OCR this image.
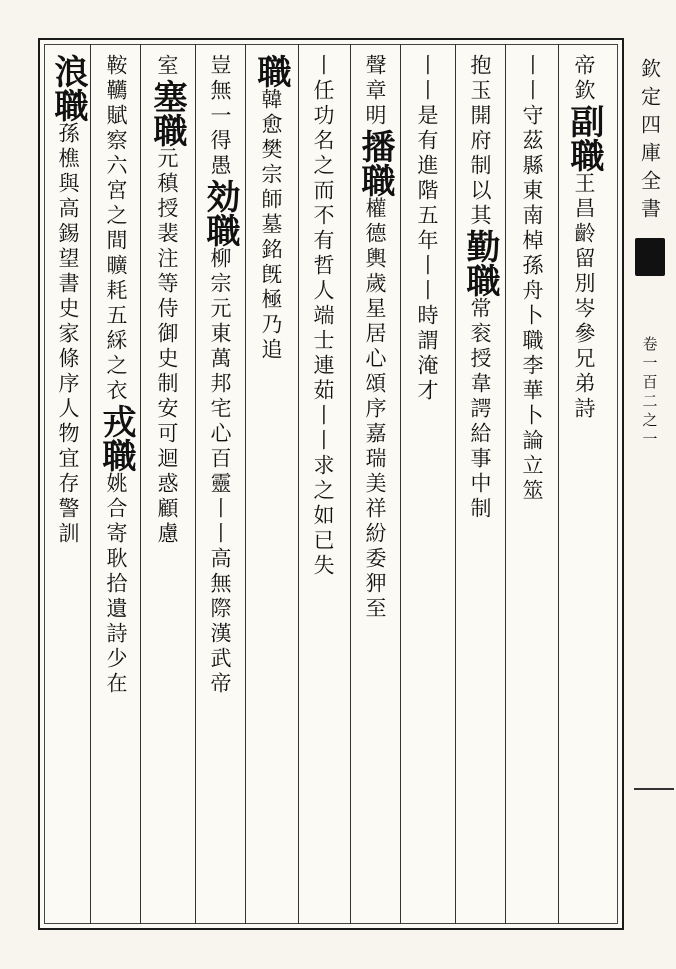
帝欽副職王昌齡留別岑參兄弟詩
丨丨守茲縣東南棹孫舟卜職李華卜論立筮
抱玉開府制以其勤職常衮授韋諤給事中制
丨丨是有進階五年丨丨時謂淹才
聲章明播職權德輿歲星居心頌序嘉瑞美祥紛委狎至
丨任功名之而不有哲人端士連茹丨丨求之如已失
職韓愈樊宗師墓銘旣極乃追
豈無一得愚効職柳宗元東萬邦宅心百靈丨丨高無際漢武帝
室塞職元稹授裴注等侍御史制安可迴惑顧慮
鞍韉賦察六宮之間曠耗五綵之衣戎職姚合寄耿拾遺詩少在
浪職孫樵與高錫望書史家條序人物宜存警訓	欽定四庫全書
卷一百二之一
